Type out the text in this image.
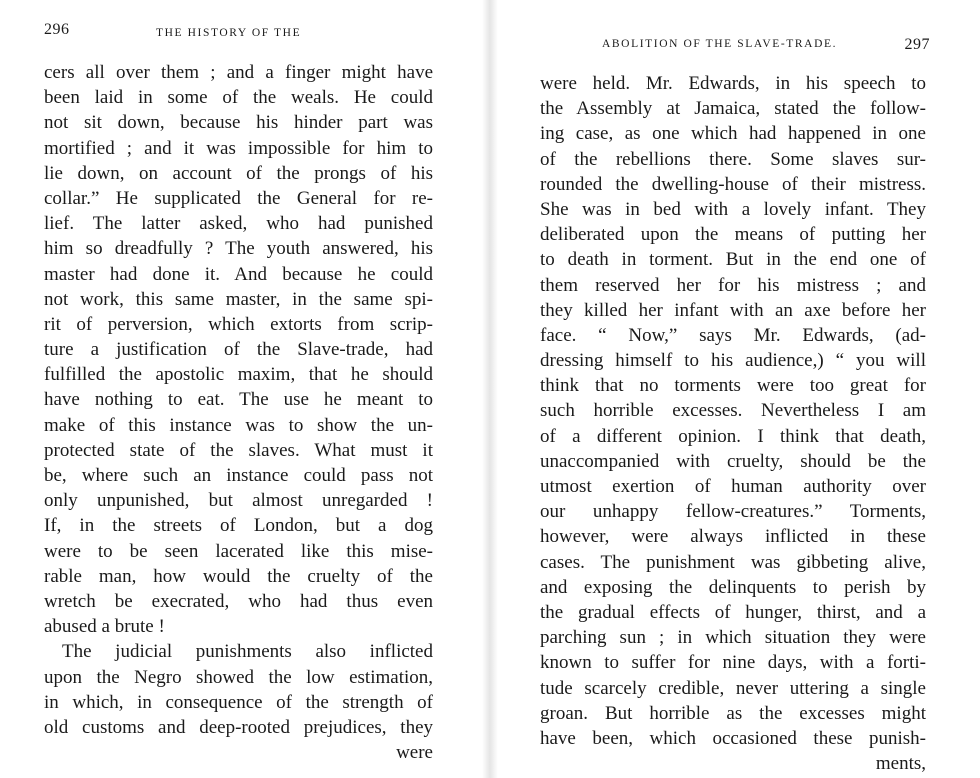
296	THE HISTORY OF THE
cers all over them ; and a finger might have
been laid in some of the weals. He could
not sit down, because his hinder part was
mortified ; and it was impossible for him to
lie down, on account of the prongs of his
collar.” He supplicated the General for re-
lief. The latter asked, who had punished
him so dreadfully ? The youth answered, his
master had done it. And because he could
not work, this same master, in the same spi-
rit of perversion, which extorts from scrip-
ture a justification of the Slave-trade, had
fulfilled the apostolic maxim, that he should
have nothing to eat. The use he meant to
make of this instance was to show the un-
protected state of the slaves. What must it
be, where such an instance could pass not
only unpunished, but almost unregarded !
If, in the streets of London, but a dog
were to be seen lacerated like this mise-
rable man, how would the cruelty of the
wretch be execrated, who had thus even
abused a brute !
The judicial punishments also inflicted
upon the Negro showed the low estimation,
in which, in consequence of the strength of
old customs and deep-rooted prejudices, they
were
ABOLITION OF THE SLAVE-TRADE.	297
were held. Mr. Edwards, in his speech to
the Assembly at Jamaica, stated the follow-
ing case, as one which had happened in one
of the rebellions there. Some slaves sur-
rounded the dwelling-house of their mistress.
She was in bed with a lovely infant. They
deliberated upon the means of putting her
to death in torment. But in the end one of
them reserved her for his mistress ; and
they killed her infant with an axe before her
face. “ Now,” says Mr. Edwards, (ad-
dressing himself to his audience,) “ you will
think that no torments were too great for
such horrible excesses. Nevertheless I am
of a different opinion. I think that death,
unaccompanied with cruelty, should be the
utmost exertion of human authority over
our unhappy fellow-creatures.” Torments,
however, were always inflicted in these
cases. The punishment was gibbeting alive,
and exposing the delinquents to perish by
the gradual effects of hunger, thirst, and a
parching sun ; in which situation they were
known to suffer for nine days, with a forti-
tude scarcely credible, never uttering a single
groan. But horrible as the excesses might
have been, which occasioned these punish-
ments,
